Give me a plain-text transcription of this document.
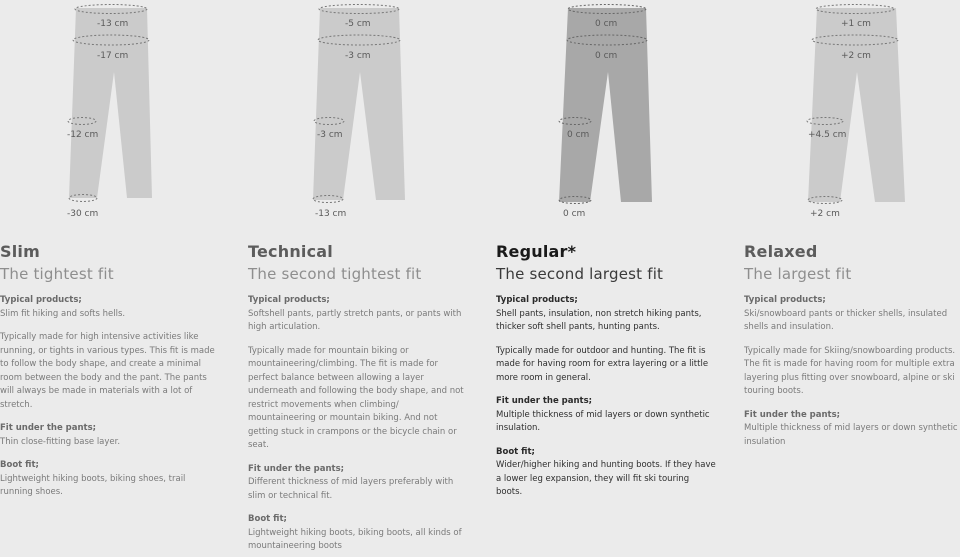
-13 cm
-17 cm
-12 cm
-30 cm
Slim
The tightest fit
Typical products;
Slim fit hiking and softs hells.
Typically made for high intensive activities like running, or tights in various types. This fit is made to follow the body shape, and create a minimal room between the body and the pant. The pants will always be made in materials with a lot of stretch.
Fit under the pants;
Thin close-fitting base layer.
Boot fit;
Lightweight hiking boots, biking shoes, trail running shoes.
-5 cm
-3 cm
-3 cm
-13 cm
Technical
The second tightest fit
Typical products;
Softshell pants, partly stretch pants, or pants with high articulation.
Typically made for mountain biking or mountaineering/climbing. The fit is made for perfect balance between allowing a layer underneath and following the body shape, and not restrict movements when climbing/ mountaineering or mountain biking. And not getting stuck in crampons or the bicycle chain or seat.
Fit under the pants;
Different thickness of mid layers preferably with slim or technical fit.
Boot fit;
Lightweight hiking boots, biking boots, all kinds of mountaineering boots
0 cm
0 cm
0 cm
0 cm
Regular*
The second largest fit
Typical products;
Shell pants, insulation, non stretch hiking pants, thicker soft shell pants, hunting pants.
Typically made for outdoor and hunting. The fit is made for having room for extra layering or a little more room in general.
Fit under the pants;
Multiple thickness of mid layers or down synthetic insulation.
Boot fit;
Wider/higher hiking and hunting boots. If they have a lower leg expansion, they will fit ski touring boots.
+1 cm
+2 cm
+4.5 cm
+2 cm
Relaxed
The largest fit
Typical products;
Ski/snowboard pants or thicker shells, insulated shells and insulation.
Typically made for Skiing/snowboarding products. The fit is made for having room for multiple extra layering plus fitting over snowboard, alpine or ski touring boots.
Fit under the pants;
Multiple thickness of mid layers or down synthetic insulation
